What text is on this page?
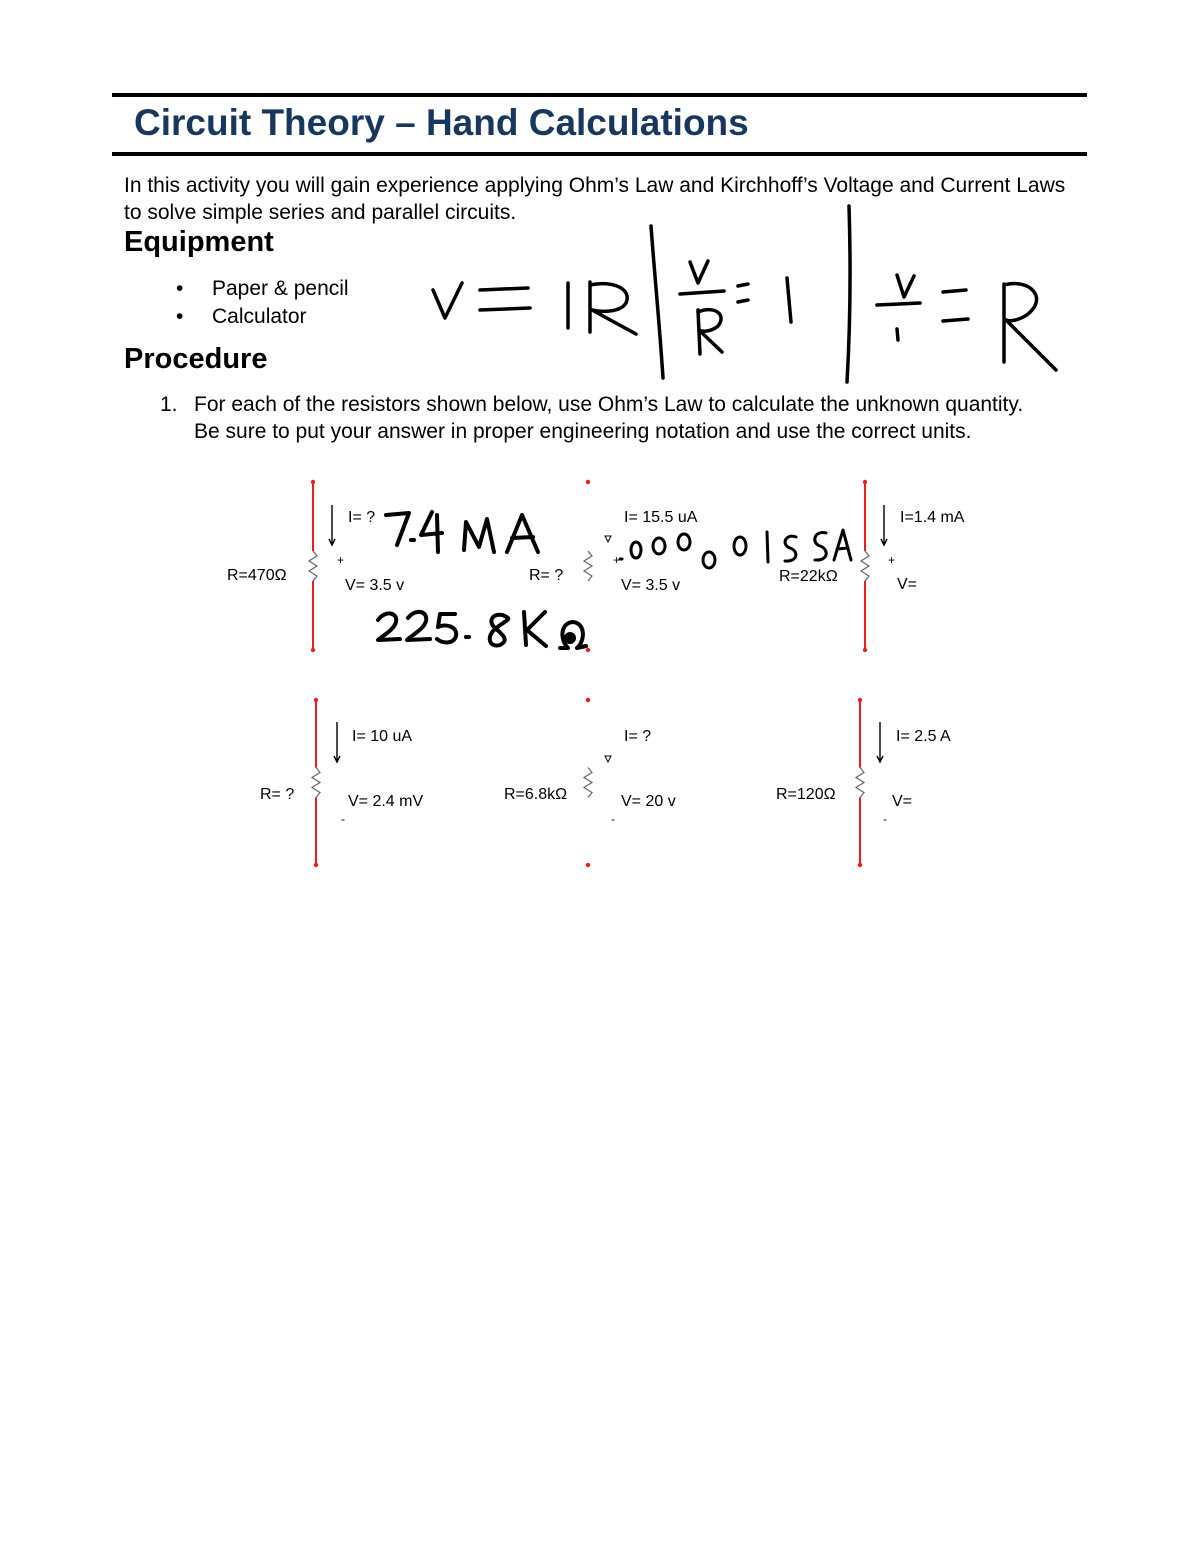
Circuit Theory – Hand Calculations

In this activity you will gain experience applying Ohm’s Law and Kirchhoff’s Voltage and Current Laws to solve simple series and parallel circuits.

Equipment
• Paper & pencil
• Calculator
Procedure
1. For each of the resistors shown below, use Ohm’s Law to calculate the unknown quantity. Be sure to put your answer in proper engineering notation and use the correct units.
R=470Ω
I= ?
V= 3.5 v
+
R= ?
I= 15.5 uA
V= 3.5 v
+
R=22kΩ
I=1.4 mA
V=
+
R= ?
I= 10 uA
V= 2.4 mV
-
R=6.8kΩ
I= ?
V= 20 v
-
R=120Ω
I= 2.5 A
V=
-
